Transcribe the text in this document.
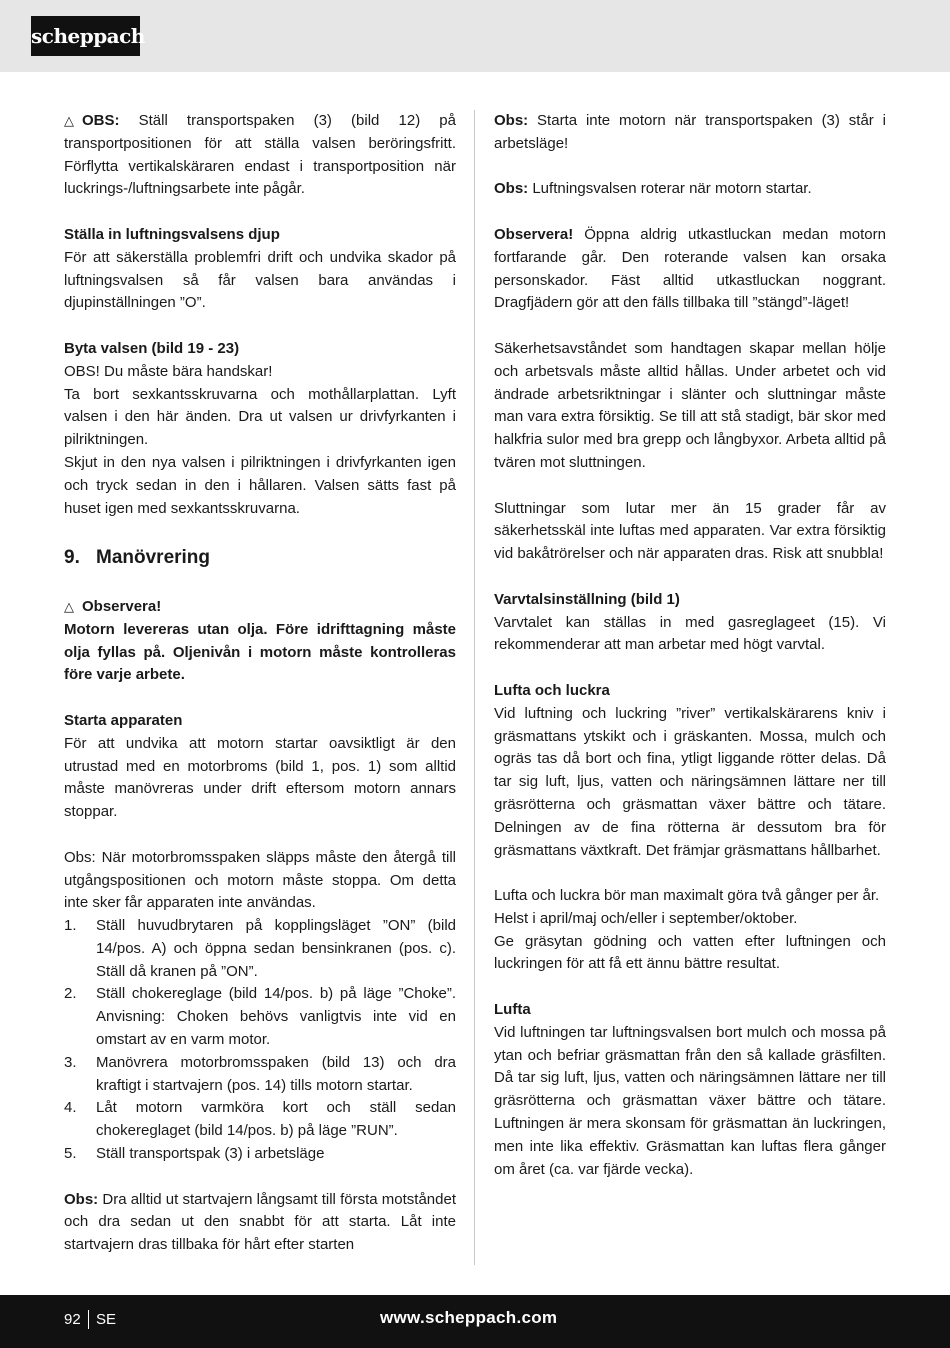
scheppach

△ OBS: Ställ transportspaken (3) (bild 12) på transportpositionen för att ställa valsen beröringsfritt. Förflytta vertikalskäraren endast i transportposition när luckrings-/luftningsarbete inte pågår.

Ställa in luftningsvalsens djup
För att säkerställa problemfri drift och undvika skador på luftningsvalsen så får valsen bara användas i djupinställningen ”O”.

Byta valsen (bild 19 - 23)
OBS! Du måste bära handskar!
Ta bort sexkantsskruvarna och mothållarplattan. Lyft valsen i den här änden. Dra ut valsen ur drivfyrkanten i pilriktningen.
Skjut in den nya valsen i pilriktningen i drivfyrkanten igen och tryck sedan in den i hållaren. Valsen sätts fast på huset igen med sexkantsskruvarna.

9. Manövrering

△ Observera!
Motorn levereras utan olja. Före idrifttagning måste olja fyllas på. Oljenivån i motorn måste kontrolleras före varje arbete.

Starta apparaten
För att undvika att motorn startar oavsiktligt är den utrustad med en motorbroms (bild 1, pos. 1) som alltid måste manövreras under drift eftersom motorn annars stoppar.

Obs: När motorbromsspaken släpps måste den återgå till utgångspositionen och motorn måste stoppa. Om detta inte sker får apparaten inte användas.

1. Ställ huvudbrytaren på kopplingsläget ”ON” (bild 14/pos. A) och öppna sedan bensinkranen (pos. c). Ställ då kranen på ”ON”.
2. Ställ chokereglage (bild 14/pos. b) på läge ”Choke”. Anvisning: Choken behövs vanligtvis inte vid en omstart av en varm motor.
3. Manövrera motorbromsspaken (bild 13) och dra kraftigt i startvajern (pos. 14) tills motorn startar.
4. Låt motorn varmköra kort och ställ sedan chokereglaget (bild 14/pos. b) på läge ”RUN”.
5. Ställ transportspak (3) i arbetsläge

Obs: Dra alltid ut startvajern långsamt till första motståndet och dra sedan ut den snabbt för att starta. Låt inte startvajern dras tillbaka för hårt efter starten

Obs: Starta inte motorn när transportspaken (3) står i arbetsläge!

Obs: Luftningsvalsen roterar när motorn startar.

Observera! Öppna aldrig utkastluckan medan motorn fortfarande går. Den roterande valsen kan orsaka personskador. Fäst alltid utkastluckan noggrant. Dragfjädern gör att den fälls tillbaka till ”stängd”-läget!

Säkerhetsavståndet som handtagen skapar mellan hölje och arbetsvals måste alltid hållas. Under arbetet och vid ändrade arbetsriktningar i slänter och sluttningar måste man vara extra försiktig. Se till att stå stadigt, bär skor med halkfria sulor med bra grepp och långbyxor. Arbeta alltid på tvären mot sluttningen.

Sluttningar som lutar mer än 15 grader får av säkerhetsskäl inte luftas med apparaten. Var extra försiktig vid bakåtrörelser och när apparaten dras. Risk att snubbla!

Varvtalsinställning (bild 1)
Varvtalet kan ställas in med gasreglageet (15). Vi rekommenderar att man arbetar med högt varvtal.

Lufta och luckra
Vid luftning och luckring ”river” vertikalskärarens kniv i gräsmattans ytskikt och i gräskanten. Mossa, mulch och ogräs tas då bort och fina, ytligt liggande rötter delas. Då tar sig luft, ljus, vatten och näringsämnen lättare ner till gräsrötterna och gräsmattan växer bättre och tätare. Delningen av de fina rötterna är dessutom bra för gräsmattans växtkraft. Det främjar gräsmattans hållbarhet.

Lufta och luckra bör man maximalt göra två gånger per år.
Helst i april/maj och/eller i september/oktober.
Ge gräsytan gödning och vatten efter luftningen och luckringen för att få ett ännu bättre resultat.

Lufta
Vid luftningen tar luftningsvalsen bort mulch och mossa på ytan och befriar gräsmattan från den så kallade gräsfilten. Då tar sig luft, ljus, vatten och näringsämnen lättare ner till gräsrötterna och gräsmattan växer bättre och tätare. Luftningen är mera skonsam för gräsmattan än luckringen, men inte lika effektiv. Gräsmattan kan luftas flera gånger om året (ca. var fjärde vecka).

92 SE	www.scheppach.com
